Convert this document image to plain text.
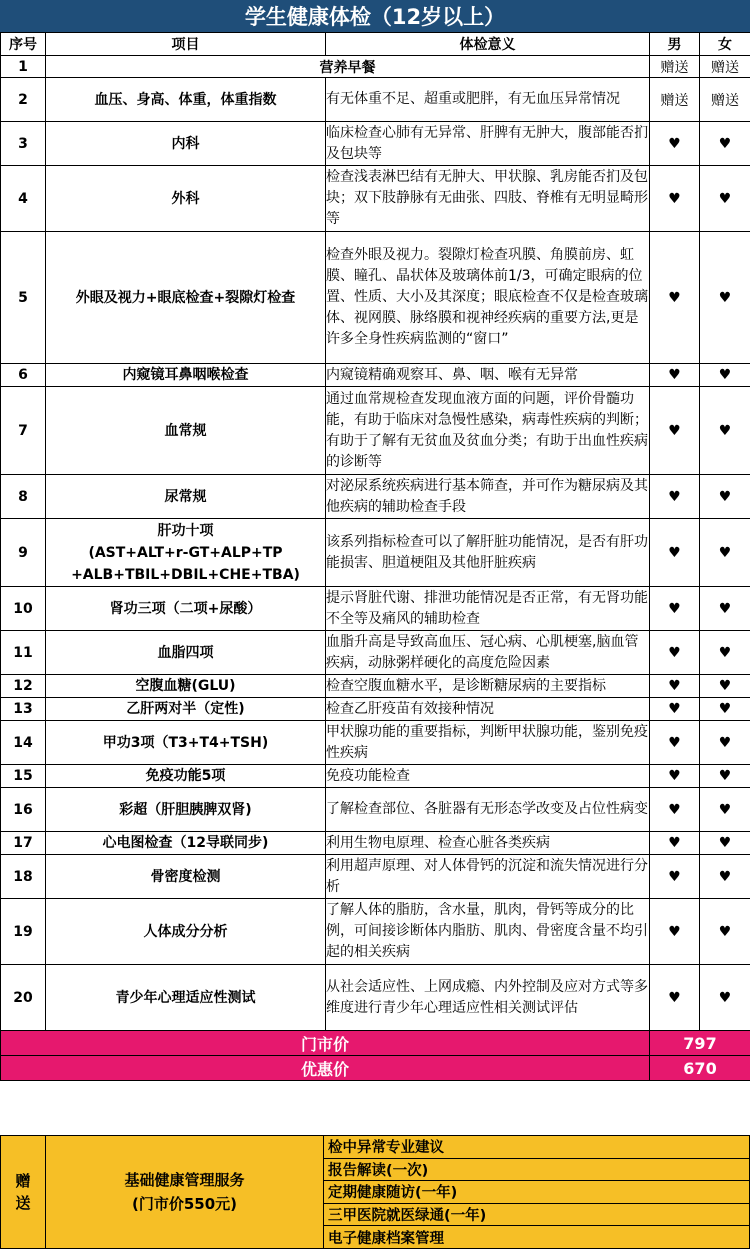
学生健康体检（12岁以上）
序号	项目	体检意义	男	女
1	营养早餐		赠送	赠送
2	血压、身高、体重，体重指数	有无体重不足、超重或肥胖，有无血压异常情况	赠送	赠送
3	内科	临床检查心肺有无异常、肝脾有无肿大，腹部能否扪及包块等	♥	♥
4	外科	检查浅表淋巴结有无肿大、甲状腺、乳房能否扪及包块；双下肢静脉有无曲张、四肢、脊椎有无明显畸形等	♥	♥
5	外眼及视力+眼底检查+裂隙灯检查	检查外眼及视力。裂隙灯检查巩膜、角膜前房、虹膜、瞳孔、晶状体及玻璃体前1/3，可确定眼病的位置、性质、大小及其深度；眼底检查不仅是检查玻璃体、视网膜、脉络膜和视神经疾病的重要方法,更是许多全身性疾病监测的“窗口”	♥	♥
6	内窥镜耳鼻咽喉检查	内窥镜精确观察耳、鼻、咽、喉有无异常	♥	♥
7	血常规	通过血常规检查发现血液方面的问题，评价骨髓功能，有助于临床对急慢性感染，病毒性疾病的判断；有助于了解有无贫血及贫血分类；有助于出血性疾病的诊断等	♥	♥
8	尿常规	对泌尿系统疾病进行基本筛查，并可作为糖尿病及其他疾病的辅助检查手段	♥	♥
9	肝功十项
(AST+ALT+r-GT+ALP+TP
+ALB+TBIL+DBIL+CHE+TBA)	该系列指标检查可以了解肝脏功能情况，是否有肝功能损害、胆道梗阻及其他肝脏疾病	♥	♥
10	肾功三项（二项+尿酸）	提示肾脏代谢、排泄功能情况是否正常，有无肾功能不全等及痛风的辅助检查	♥	♥
11	血脂四项	血脂升高是导致高血压、冠心病、心肌梗塞,脑血管疾病，动脉粥样硬化的高度危险因素	♥	♥
12	空腹血糖(GLU)	检查空腹血糖水平，是诊断糖尿病的主要指标	♥	♥
13	乙肝两对半（定性)	检查乙肝疫苗有效接种情况	♥	♥
14	甲功3项（T3+T4+TSH)	甲状腺功能的重要指标，判断甲状腺功能，鉴别免疫性疾病	♥	♥
15	免疫功能5项	免疫功能检查	♥	♥
16	彩超（肝胆胰脾双肾)	了解检查部位、各脏器有无形态学改变及占位性病变	♥	♥
17	心电图检查（12导联同步)	利用生物电原理、检查心脏各类疾病	♥	♥
18	骨密度检测	利用超声原理、对人体骨钙的沉淀和流失情况进行分析	♥	♥
19	人体成分分析	了解人体的脂肪，含水量，肌肉，骨钙等成分的比例，可间接诊断体内脂肪、肌肉、骨密度含量不均引起的相关疾病	♥	♥
20	青少年心理适应性测试	从社会适应性、上网成瘾、内外控制及应对方式等多维度进行青少年心理适应性相关测试评估	♥	♥
门市价			797	
优惠价			670	
赠送
基础健康管理服务
(门市价550元)
检中异常专业建议
报告解读(一次)
定期健康随访(一年)
三甲医院就医绿通(一年)
电子健康档案管理
